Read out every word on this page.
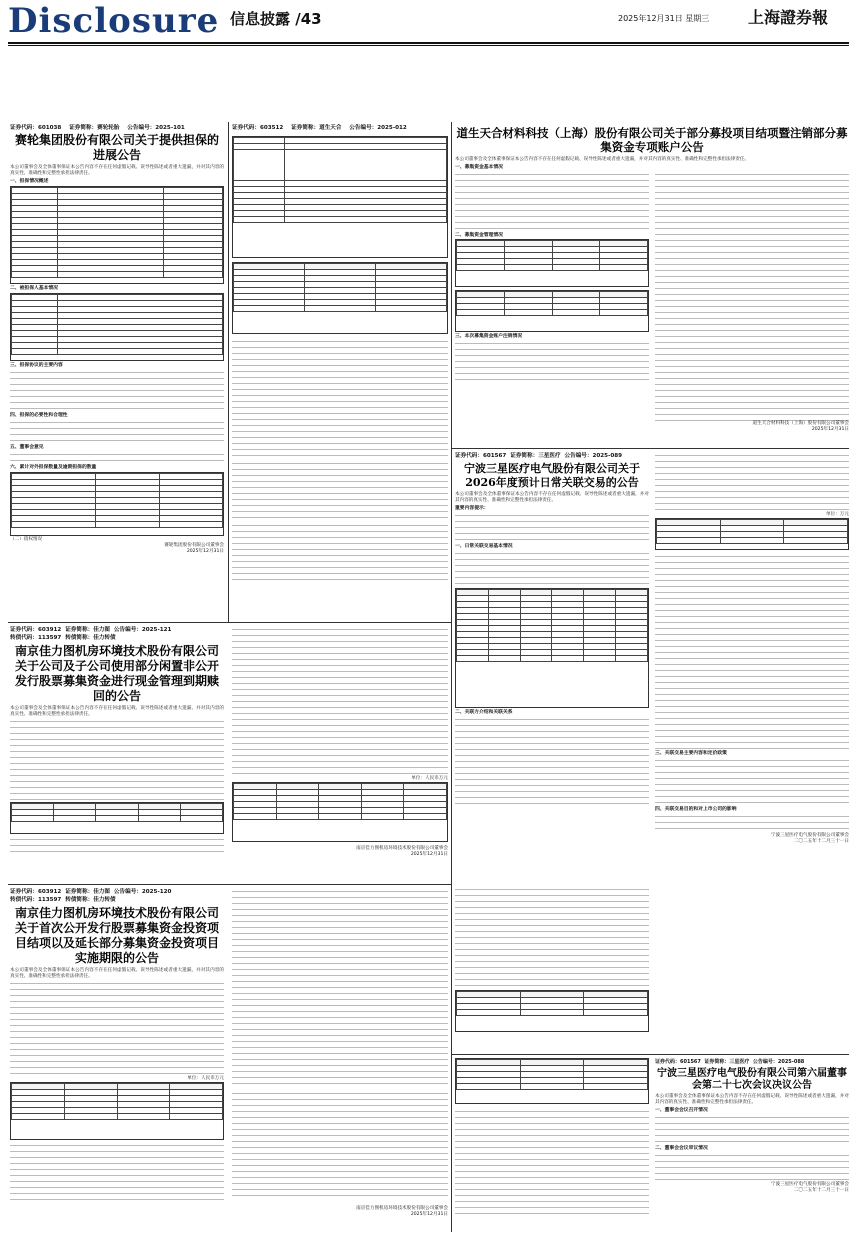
Disclosure 信息披露 /43	2025年12月31日 星期三 上海證券報
证券代码：601038 证券简称：赛轮轮胎 公告编号：2025-101
赛轮集团股份有限公司关于提供担保的进展公告
本公司董事会及全体董事保证本公告内容不存在任何虚假记载、误导性陈述或者重大遗漏，并对其内容的真实性、准确性和完整性承担法律责任。
一、担保情况概述

二、被担保人基本情况

三、担保协议的主要内容
四、担保的必要性和合理性
五、董事会意见
六、累计对外担保数量及逾期担保的数量

（二）债权情况
赛轮集团股份有限公司董事会
2025年12月31日
证券代码：603512 证券简称：道生天合 公告编号：2025-012

			道生天合材料科技（上海）股份有限公司关于部分募投项目结项暨注销部分募集资金专项账户公告
本公司董事会及全体董事保证本公告内容不存在任何虚假记载、误导性陈述或者重大遗漏，并对其内容的真实性、准确性和完整性承担法律责任。
一、募集资金基本情况
二、募集资金管理情况

三、本次募集资金账户注销情况
道生天合材料科技（上海）股份有限公司董事会
2025年12月31日
证券代码：601567 证券简称：三星医疗 公告编号：2025-089
宁波三星医疗电气股份有限公司关于2026年度预计日常关联交易的公告
本公司董事会及全体董事保证本公告内容不存在任何虚假记载、误导性陈述或者重大遗漏，并对其内容的真实性、准确性和完整性承担法律责任。
重要内容提示：
一、日常关联交易基本情况

二、关联方介绍和关联关系
单位：万元

三、关联交易主要内容和定价政策
四、关联交易目的和对上市公司的影响
宁波三星医疗电气股份有限公司董事会
二〇二五年十二月三十一日
证券代码：603912 证券简称：佳力图 公告编号：2025-121
转债代码：113597 转债简称：佳力转债
南京佳力图机房环境技术股份有限公司关于公司及子公司使用部分闲置非公开发行股票募集资金进行现金管理到期赎回的公告
本公司董事会及全体董事保证本公告内容不存在任何虚假记载、误导性陈述或者重大遗漏，并对其内容的真实性、准确性和完整性承担法律责任。

单位：人民币万元

南京佳力图机房环境技术股份有限公司董事会
2025年12月31日
证券代码：603912 证券简称：佳力图 公告编号：2025-120
转债代码：113597 转债简称：佳力转债
南京佳力图机房环境技术股份有限公司关于首次公开发行股票募集资金投资项目结项以及延长部分募集资金投资项目实施期限的公告
本公司董事会及全体董事保证本公告内容不存在任何虚假记载、误导性陈述或者重大遗漏，并对其内容的真实性、准确性和完整性承担法律责任。
单位：人民币万元

南京佳力图机房环境技术股份有限公司董事会
2025年12月31日

证券代码：601567 证券简称：三星医疗 公告编号：2025-088
宁波三星医疗电气股份有限公司第六届董事会第二十七次会议决议公告
本公司董事会及全体董事保证本公告内容不存在任何虚假记载、误导性陈述或者重大遗漏，并对其内容的真实性、准确性和完整性承担法律责任。
一、董事会会议召开情况
二、董事会会议审议情况
宁波三星医疗电气股份有限公司董事会
二〇二五年十二月三十一日
